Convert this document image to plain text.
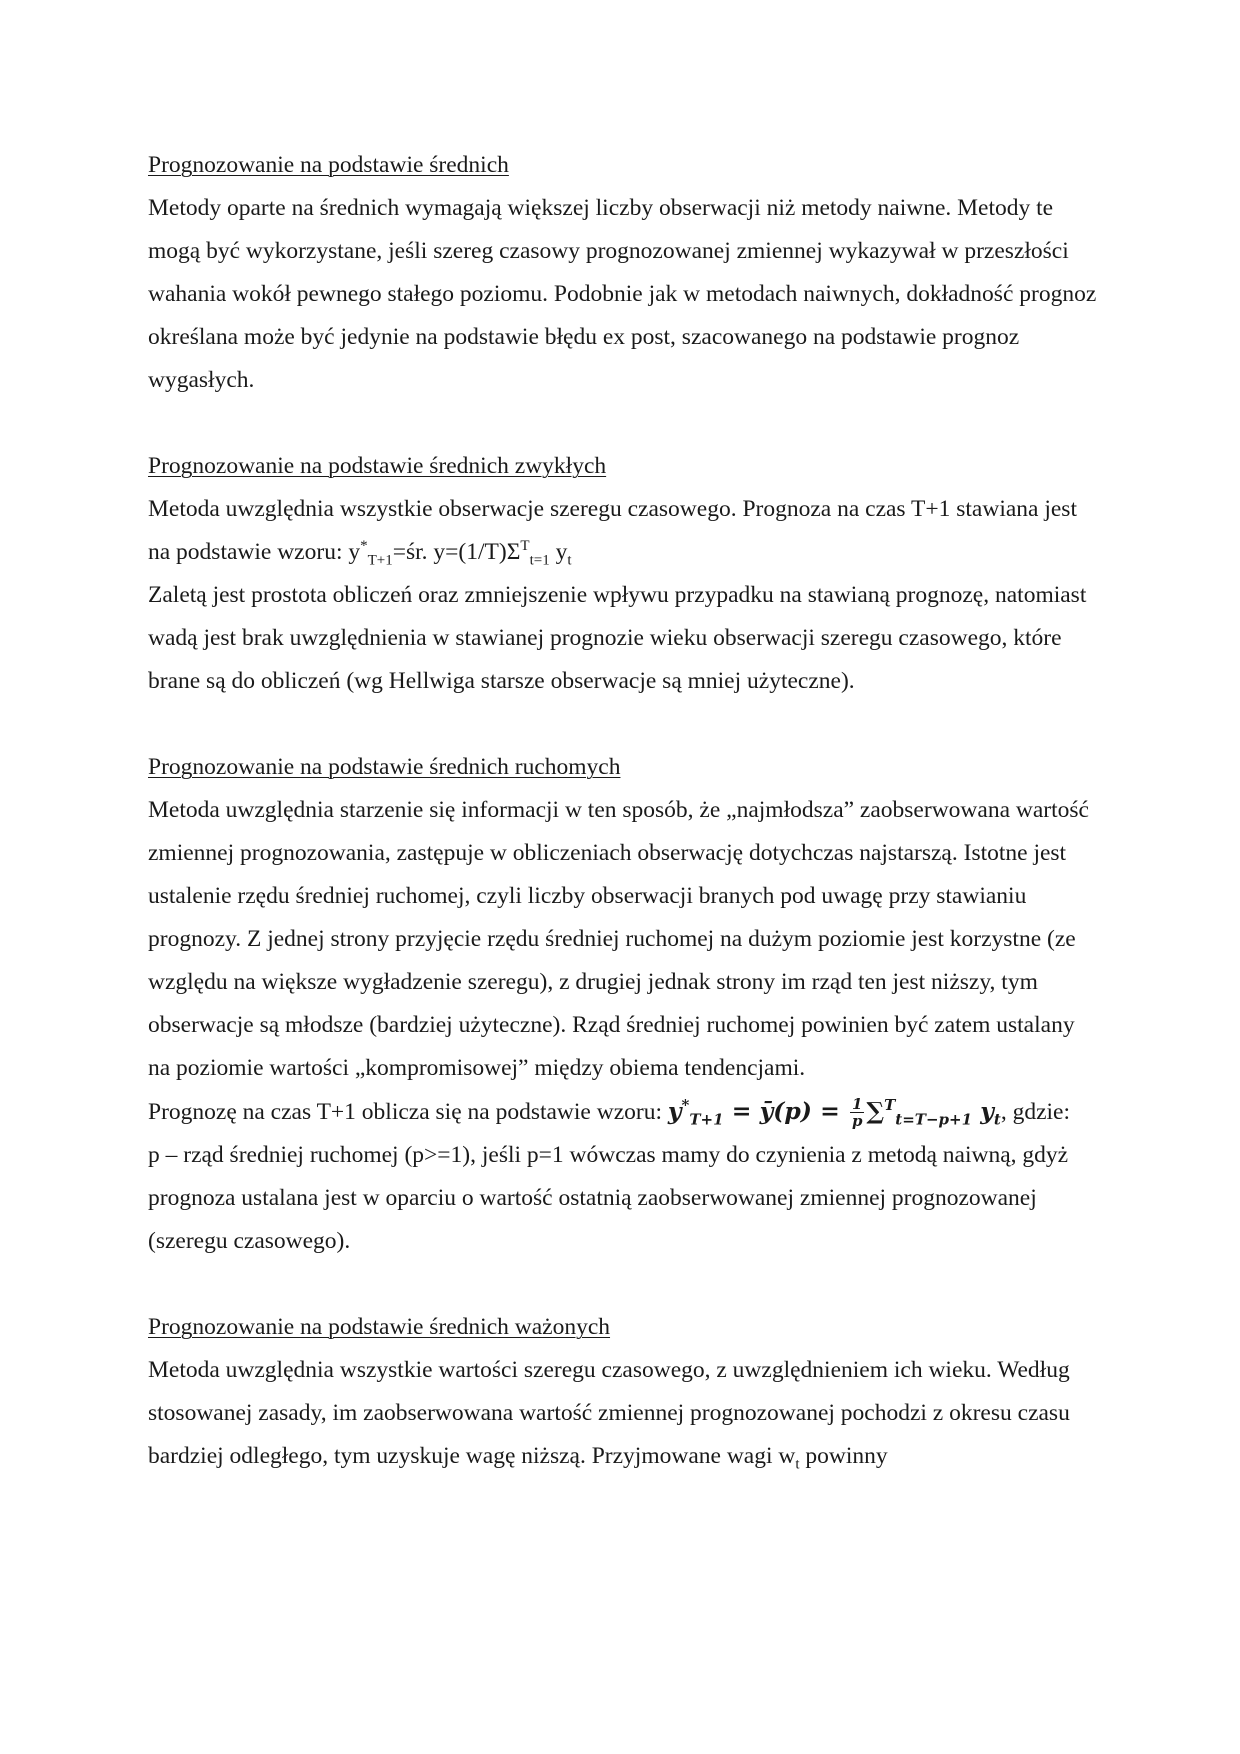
Prognozowanie na podstawie średnich

Metody oparte na średnich wymagają większej liczby obserwacji niż metody naiwne. Metody te mogą być wykorzystane, jeśli szereg czasowy prognozowanej zmiennej wykazywał w przeszłości wahania wokół pewnego stałego poziomu. Podobnie jak w metodach naiwnych, dokładność prognoz określana może być jedynie na podstawie błędu ex post, szacowanego na podstawie prognoz wygasłych.

Prognozowanie na podstawie średnich zwykłych

Metoda uwzględnia wszystkie obserwacje szeregu czasowego. Prognoza na czas T+1 stawiana jest na podstawie wzoru: $y^*_{T+1}=śr$. $y=(1/T)\Sigma^T_{t=1}$ $y_t$

Zaletą jest prostota obliczeń oraz zmniejszenie wpływu przypadku na stawianą prognozę, natomiast wadą jest brak uwzględnienia w stawianej prognozie wieku obserwacji szeregu czasowego, które brane są do obliczeń (wg Hellwiga starsze obserwacje są mniej użyteczne).

Prognozowanie na podstawie średnich ruchomych

Metoda uwzględnia starzenie się informacji w ten sposób, że „najmłodsza” zaobserwowana wartość zmiennej prognozowania, zastępuje w obliczeniach obserwację dotychczas najstarszą. Istotne jest ustalenie rzędu średniej ruchomej, czyli liczby obserwacji branych pod uwagę przy stawianiu prognozy. Z jednej strony przyjęcie rzędu średniej ruchomej na dużym poziomie jest korzystne (ze względu na większe wygładzenie szeregu), z drugiej jednak strony im rząd ten jest niższy, tym obserwacje są młodsze (bardziej użyteczne). Rząd średniej ruchomej powinien być zatem ustalany na poziomie wartości „kompromisowej” między obiema tendencjami.

Prognozę na czas T+1 oblicza się na podstawie wzoru: $y^*_{T+1}$ = ȳ(p) = $\frac{1}{p} \sum^T_{t=T-p+1}$ $y_t$, gdzie:

p – rząd średniej ruchomej (p>=1), jeśli p=1 wówczas mamy do czynienia z metodą naiwną, gdyż prognoza ustalana jest w oparciu o wartość ostatnią zaobserwowanej zmiennej prognozowanej (szeregu czasowego).

Prognozowanie na podstawie średnich ważonych

Metoda uwzględnia wszystkie wartości szeregu czasowego, z uwzględnieniem ich wieku. Według stosowanej zasady, im zaobserwowana wartość zmiennej prognozowanej pochodzi z okresu czasu bardziej odległego, tym uzyskuje wagę niższą. Przyjmowane wagi $w_t$ powinny
